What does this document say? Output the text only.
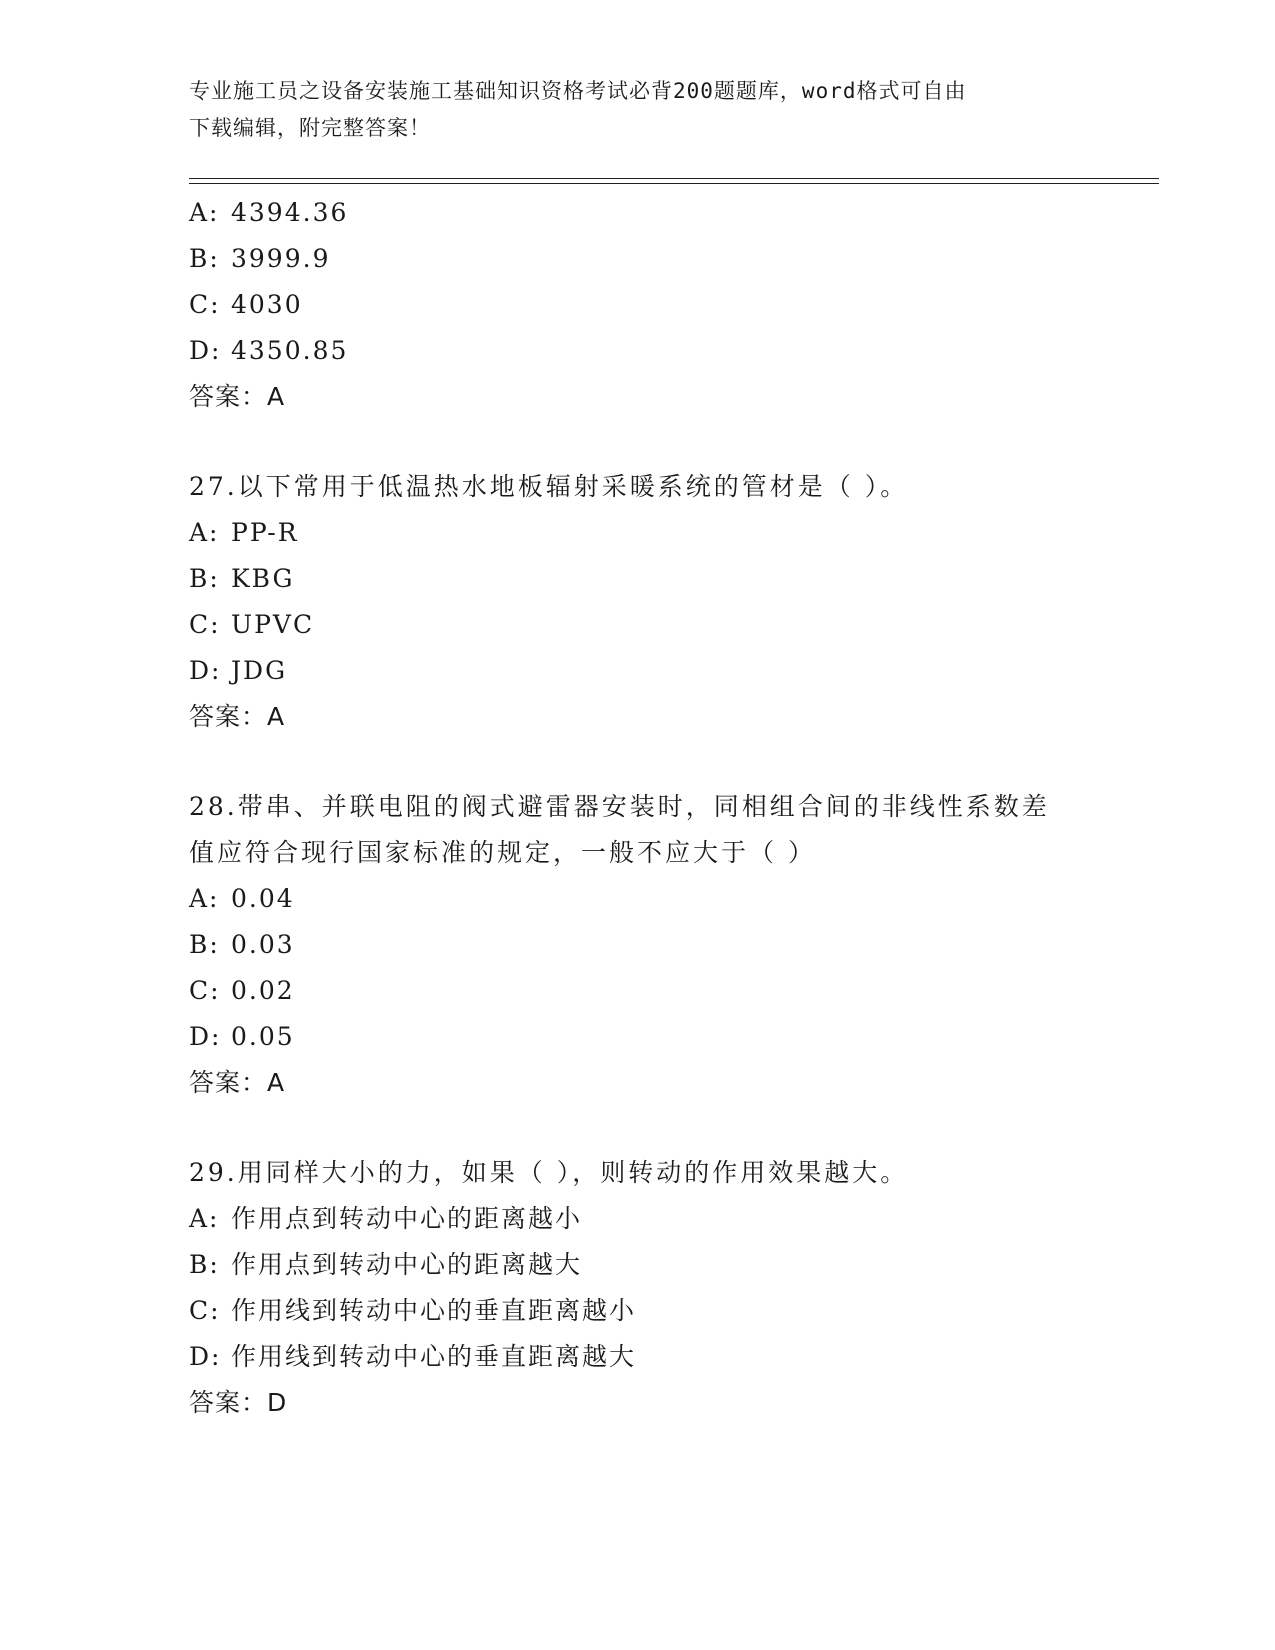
专业施工员之设备安装施工基础知识资格考试必背200题题库，word格式可自由
下载编辑，附完整答案！
A: 4394.36
B: 3999.9
C: 4030
D: 4350.85
答案：A
27.以下常用于低温热水地板辐射采暖系统的管材是（ ）。
A: PP-R
B: KBG
C: UPVC
D: JDG
答案：A
28.带串、并联电阻的阀式避雷器安装时，同相组合间的非线性系数差
值应符合现行国家标准的规定，一般不应大于（ ）
A: 0.04
B: 0.03
C: 0.02
D: 0.05
答案：A
29.用同样大小的力，如果（ ），则转动的作用效果越大。
A: 作用点到转动中心的距离越小
B: 作用点到转动中心的距离越大
C: 作用线到转动中心的垂直距离越小
D: 作用线到转动中心的垂直距离越大
答案：D
